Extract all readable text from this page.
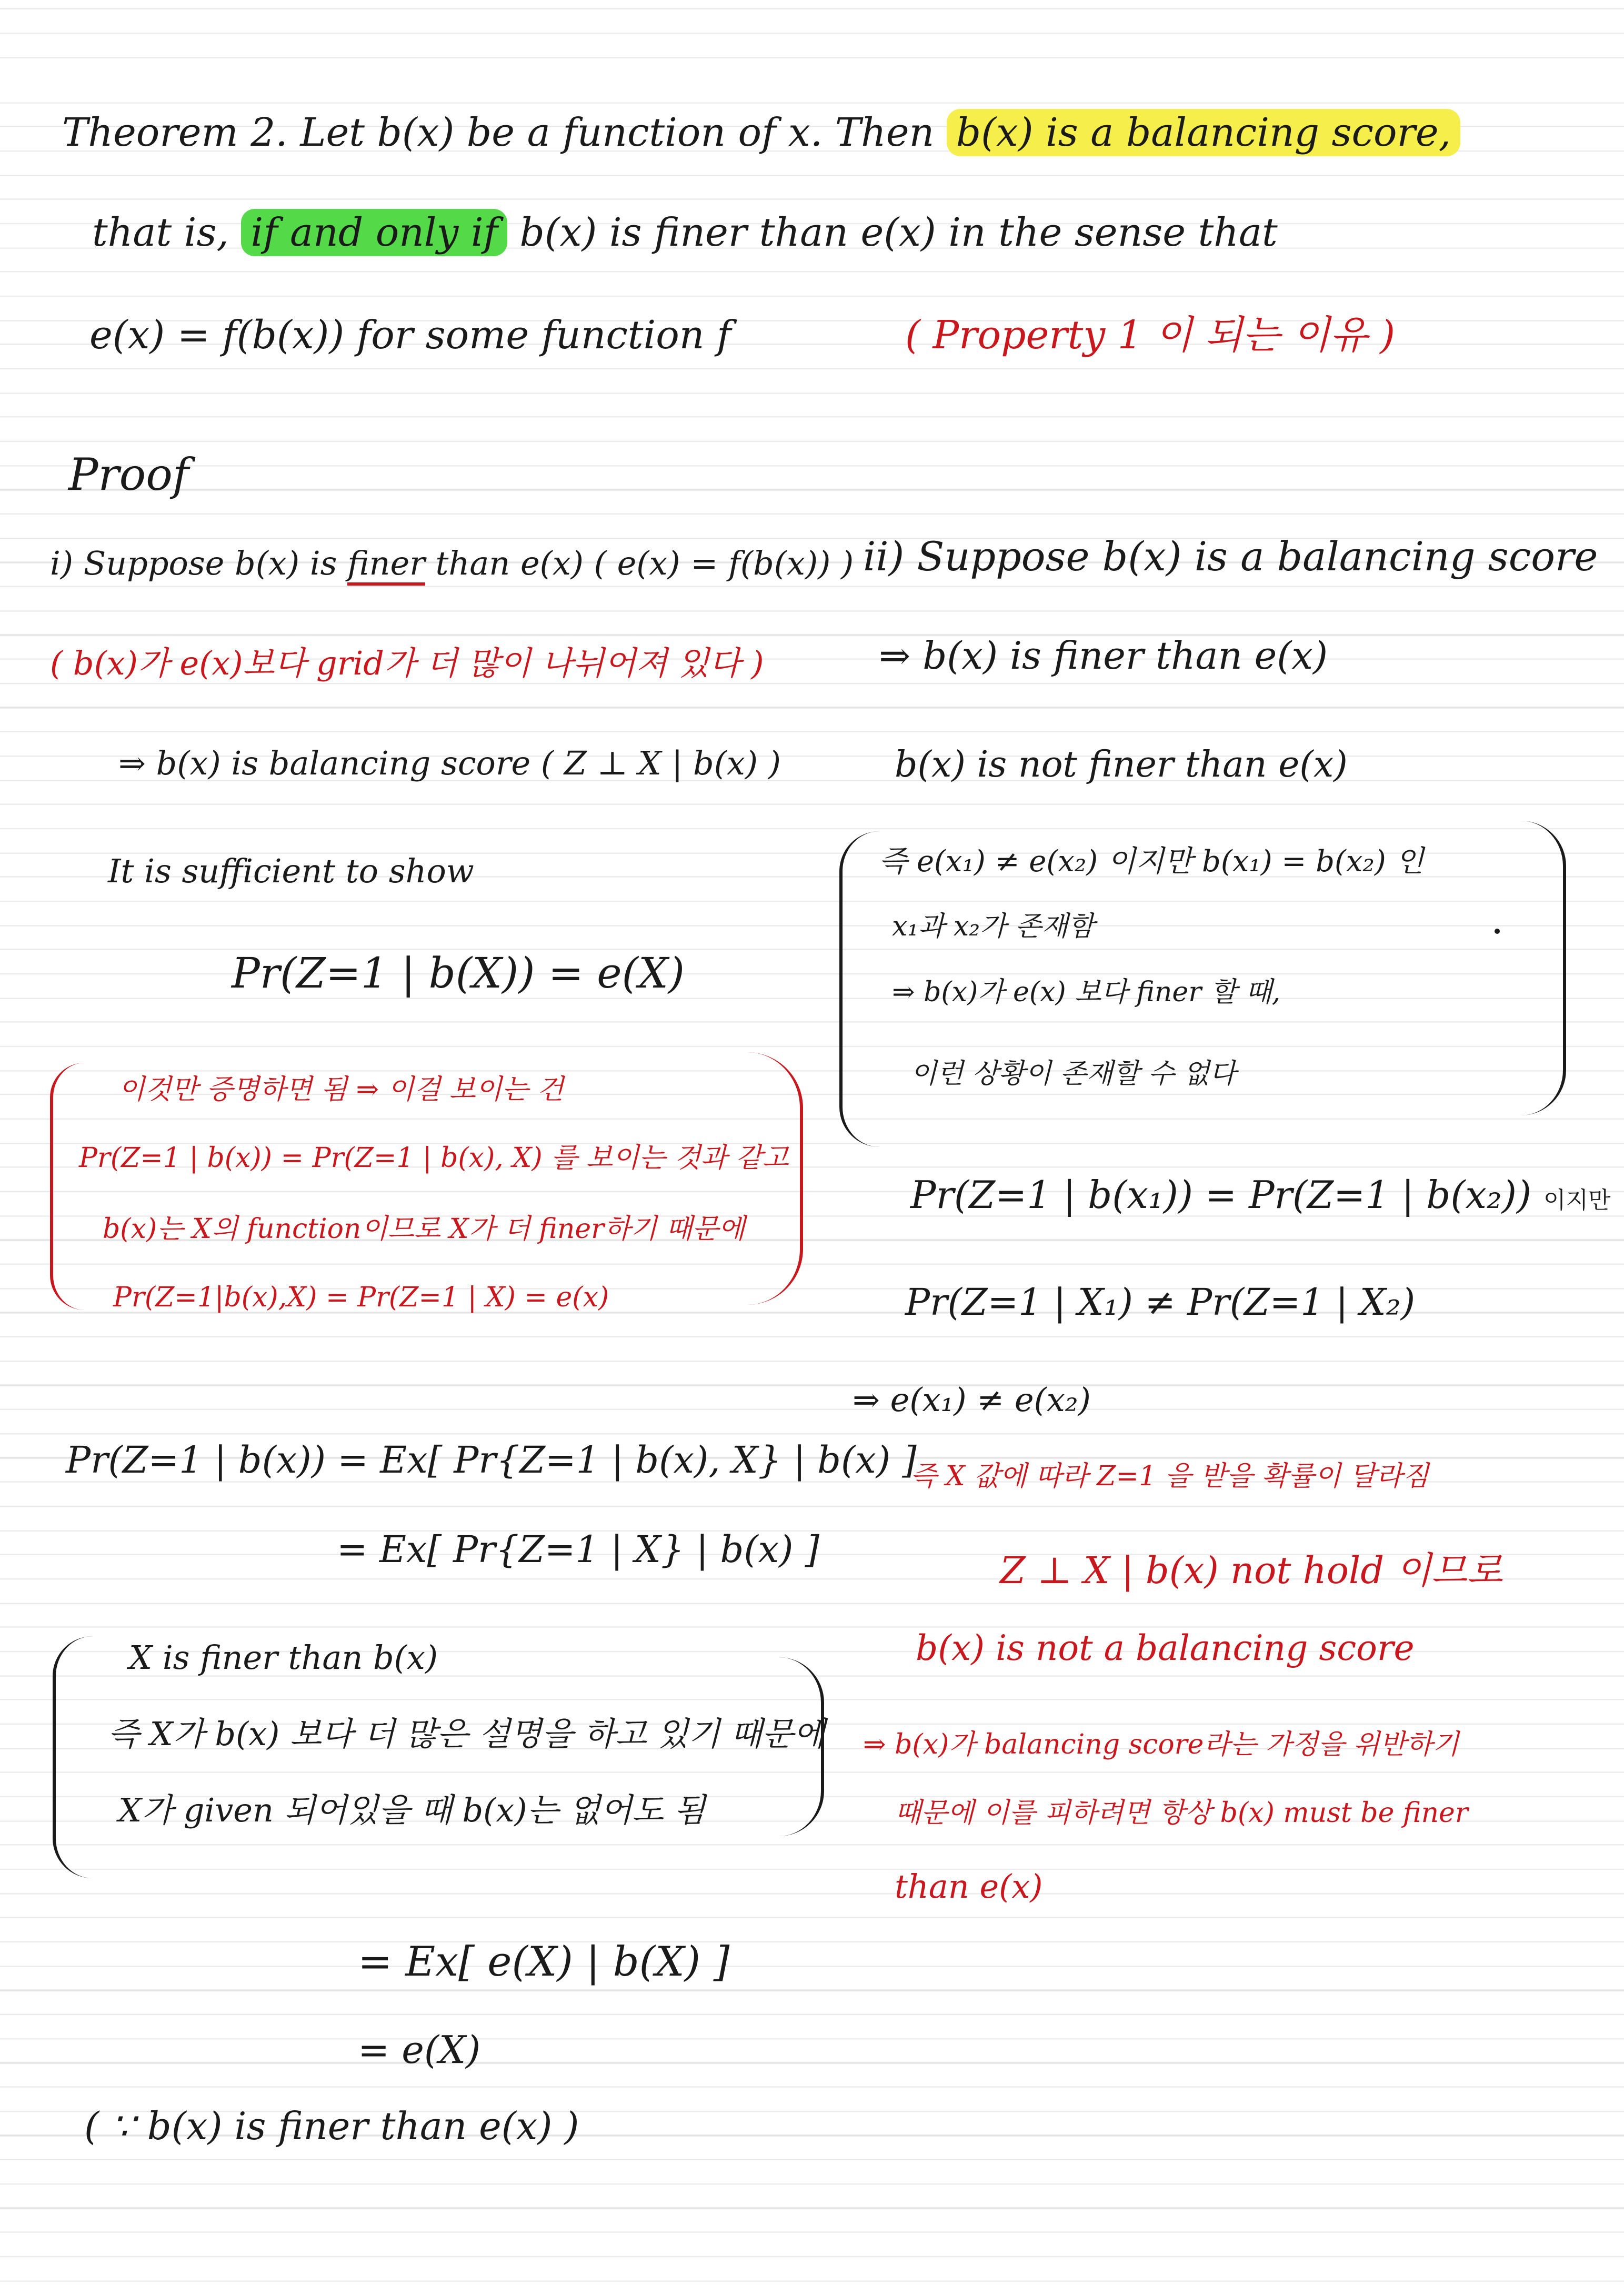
Theorem 2. Let b(x) be a function of x. Then b(x) is a balancing score,
that is, if and only if b(x) is finer than e(x) in the sense that
e(x) = f(b(x)) for some function f	( Property 1 이 되는 이유 )
Proof
i) Suppose b(x) is finer than e(x) ( e(x) = f(b(x)) )
( b(x)가 e(x)보다 grid가 더 많이 나뉘어져 있다 )
⇒ b(x) is balancing score ( Z ⊥ X | b(x) )
It is sufficient to show
Pr(Z=1 | b(X)) = e(X)
이것만 증명하면 됨 ⇒ 이걸 보이는 건
Pr(Z=1 | b(x)) = Pr(Z=1 | b(x), X) 를 보이는 것과 같고
b(x)는 X의 function이므로 X가 더 finer하기 때문에
Pr(Z=1|b(x),X) = Pr(Z=1 | X) = e(x)
Pr(Z=1 | b(x)) = Ex[ Pr{Z=1 | b(x), X} | b(x) ]
= Ex[ Pr{Z=1 | X} | b(x) ]
X is finer than b(x)
즉 X가 b(x) 보다 더 많은 설명을 하고 있기 때문에
X가 given 되어있을 때 b(x)는 없어도 됨
= Ex[ e(X) | b(X) ]
= e(X)
( ∵ b(x) is finer than e(x) )
ii) Suppose b(x) is a balancing score
⇒ b(x) is finer than e(x)
b(x) is not finer than e(x)
즉 e(x₁) ≠ e(x₂) 이지만 b(x₁) = b(x₂) 인
x₁과 x₂가 존재함
⇒ b(x)가 e(x) 보다 finer 할 때,
이런 상황이 존재할 수 없다
Pr(Z=1 | b(x₁)) = Pr(Z=1 | b(x₂)) 이지만
Pr(Z=1 | X₁) ≠ Pr(Z=1 | X₂)
⇒ e(x₁) ≠ e(x₂)
즉 X 값에 따라 Z=1 을 받을 확률이 달라짐
Z ⊥ X | b(x) not hold 이므로
b(x) is not a balancing score
⇒ b(x)가 balancing score라는 가정을 위반하기
때문에 이를 피하려면 항상 b(x) must be finer
than e(x)
